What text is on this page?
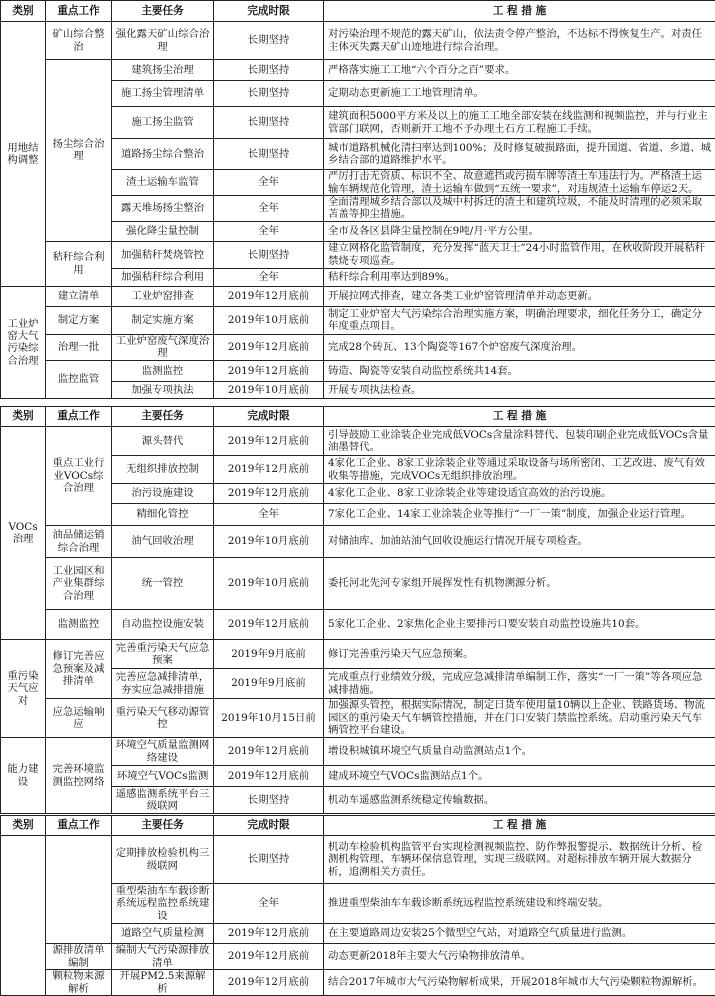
类别	重点工作	主要任务	完成时限	工 程 措 施
用地结构调整	矿山综合整治	强化露天矿山综合治理	长期坚持	对污染治理不规范的露天矿山，依法责令停产整治，不达标不得恢复生产。对责任主体灭失露天矿山迹地进行综合治理。
	扬尘综合治理	建筑扬尘治理	长期坚持	严格落实施工工地“六个百分之百”要求。
		施工扬尘管理清单	长期坚持	定期动态更新施工工地管理清单。
		施工扬尘监管	长期坚持	建筑面积5000平方米及以上的施工工地全部安装在线监测和视频监控，并与行业主管部门联网，否则新开工地不予办理土石方工程施工手续。
		道路扬尘综合整治	长期坚持	城市道路机械化清扫率达到100%；及时修复破损路面，提升国道、省道、乡道、城乡结合部的道路维护水平。
		渣土运输车监管	全年	严厉打击无资质、标识不全、故意遮挡或污损车牌等渣土车违法行为。严格渣土运输车辆规范化管理，渣土运输车做到“五统一要求”，对违规渣土运输车停运2天。
		露天堆场扬尘整治	全年	全面清理城乡结合部以及城中村拆迁的渣土和建筑垃圾，不能及时清理的必须采取苫盖等抑尘措施。
		强化降尘量控制	全年	全市及各区县降尘量控制在9吨/月·平方公里。
	秸秆综合利用	加强秸秆焚烧管控	长期坚持	建立网格化监管制度，充分发挥“蓝天卫士”24小时监管作用，在秋收阶段开展秸秆禁烧专项巡查。
		加强秸秆综合利用	全年	秸秆综合利用率达到89%。
工业炉窑大气污染综合治理	建立清单	工业炉窑排查	2019年12月底前	开展拉网式排查，建立各类工业炉窑管理清单并动态更新。
	制定方案	制定实施方案	2019年10月底前	制定工业炉窑大气污染综合治理实施方案，明确治理要求，细化任务分工，确定分年度重点项目。
	治理一批	工业炉窑废气深度治理	2019年12月底前	完成28个砖瓦、13个陶瓷等167个炉窑废气深度治理。
	监控监管	监测监控	2019年12月底前	铸造、陶瓷等安装自动监控系统共14套。
		加强专项执法	2019年10月底前	开展专项执法检查。
类别	重点工作	主要任务	完成时限	工 程 措 施
VOCs治理	重点工业行业VOCs综合治理	源头替代	2019年12月底前	引导鼓励工业涂装企业完成低VOCs含量涂料替代、包装印刷企业完成低VOCs含量油墨替代。
		无组织排放控制	2019年12月底前	4家化工企业、8家工业涂装企业等通过采取设备与场所密闭、工艺改进、废气有效收集等措施，完成VOCs无组织排放治理。
		治污设施建设	2019年12月底前	4家化工企业、8家工业涂装企业等建设适宜高效的治污设施。
		精细化管控	全年	7家化工企业、14家工业涂装企业等推行“一厂一策”制度，加强企业运行管理。
	油品储运销综合治理	油气回收治理	2019年10月底前	对储油库、加油站油气回收设施运行情况开展专项检查。
	工业园区和产业集群综合治理	统一管控	2019年10月底前	委托河北先河专家组开展挥发性有机物溯源分析。
	监测监控	自动监控设施安装	2019年12月底前	5家化工企业、2家焦化企业主要排污口要安装自动监控设施共10套。
重污染天气应对	修订完善应急预案及减排清单	完善重污染天气应急预案	2019年9月底前	修订完善重污染天气应急预案。
		完善应急减排清单，夯实应急减排措施	2019年9月底前	完成重点行业绩效分级，完成应急减排清单编制工作，落实“一厂一策”等各项应急减排措施。
	应急运输响应	重污染天气移动源管控	2019年10月15日前	加强源头管控，根据实际情况，制定日货车使用量10辆以上企业、铁路货场、物流园区的重污染天气车辆管控措施，并在门口安装门禁监控系统。启动重污染天气车辆管控平台建设。
能力建设	完善环境监测监控网络	环境空气质量监测网络建设	2019年12月底前	增设积城镇环境空气质量自动监测站点1个。
		环境空气VOCs监测	2019年12月底前	建成环境空气VOCs监测站点1个。
		遥感监测系统平台三级联网	长期坚持	机动车遥感监测系统稳定传输数据。
类别	重点工作	主要任务	完成时限	工 程 措 施
		定期排放检验机构三级联网	长期坚持	机动车检验机构监管平台实现检测视频监控、防作弊报警提示、数据统计分析、检测机构管理、车辆环保信息管理，实现三级联网。对超标排放车辆开展大数据分析，追溯相关方责任。
		重型柴油车车载诊断系统远程监控系统建设	全年	推进重型柴油车车载诊断系统远程监控系统建设和终端安装。
		道路空气质量检测	2019年12月底前	在主要道路周边安装25个微型空气站，对道路空气质量进行监测。
	源排放清单编制	编制大气污染源排放清单	2019年12月底前	动态更新2018年主要大气污染物排放清单。
	颗粒物来源解析	开展PM2.5来源解析	2019年12月底前	结合2017年城市大气污染物解析成果，开展2018年城市大气污染颗粒物源解析。
